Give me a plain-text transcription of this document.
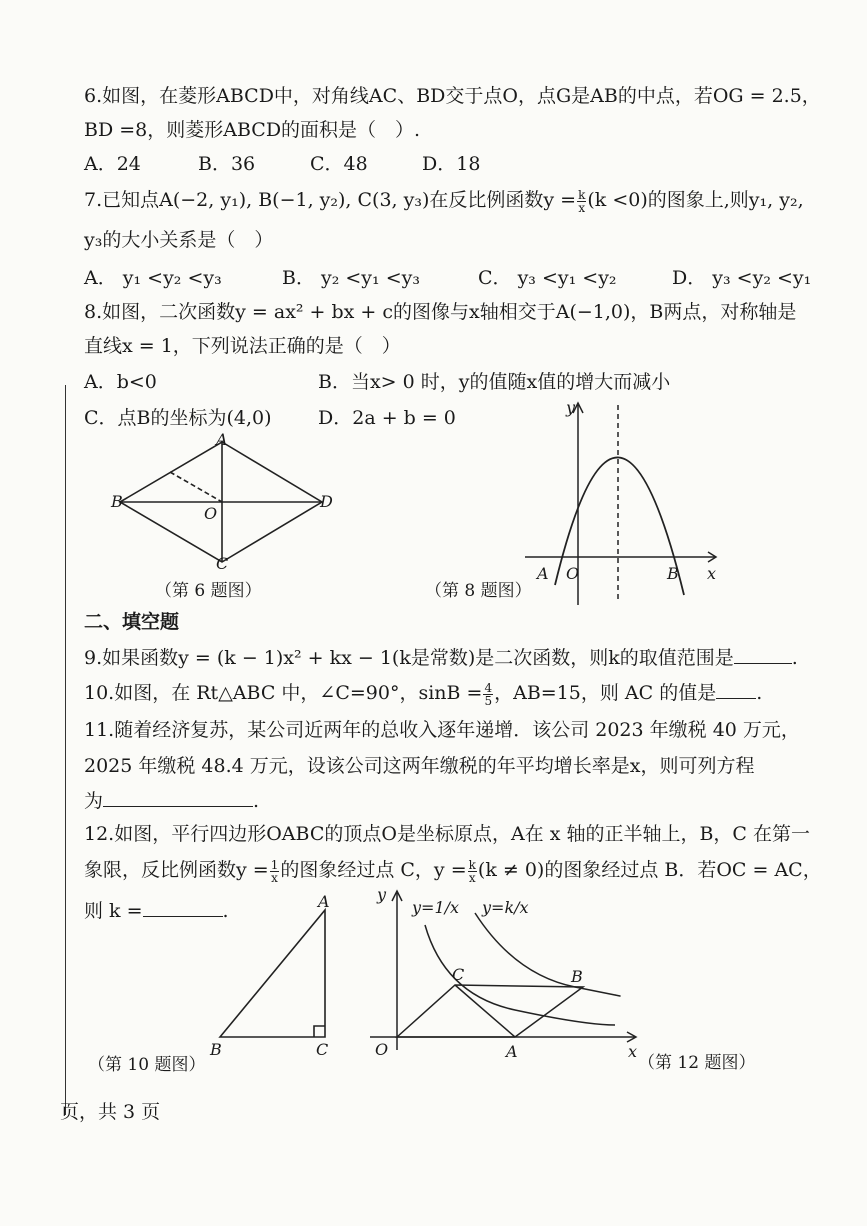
6.如图，在菱形ABCD中，对角线AC、BD交于点O，点G是AB的中点，若OG = 2.5，
BD =8，则菱形ABCD的面积是（　）.
A．24	B．36	C．48	D．18
7.已知点A(−2, y₁), B(−1, y₂), C(3, y₃)在反比例函数$y = \frac{k}{x} (k <0)$的图象上,则y₁, y₂,
y₃的大小关系是（　）
A． y₁ <y₂ <y₃	B． y₂ <y₁ <y₃	C． y₃ <y₁ <y₂	D． y₃ <y₂ <y₁
8.如图，二次函数y = ax² + bx + c的图像与x轴相交于A(−1,0)，B两点，对称轴是
直线x = 1，下列说法正确的是（　）
A．b<0	B．当x> 0 时，y的值随x值的增大而减小
C．点B的坐标为(4,0) D．2a + b = 0
A
B	D
C
O
（第 6 题图）
y
x
A O	B
（第 8 题图）
二、填空题
9.如果函数y = (k − 1)x² + kx − 1(k是常数)是二次函数，则k的取值范围是	.
10.如图，在 Rt△ABC 中，∠C=90°，$\sin B = \frac{4}{5}$ ，AB=15，则 AC 的值是 .
11.随着经济复苏，某公司近两年的总收入逐年递增．该公司 2023 年缴税 40 万元，
2025 年缴税 48.4 万元，设该公司这两年缴税的年平均增长率是x，则可列方程
为	.
12.如图，平行四边形OABC的顶点O是坐标原点，A在 x 轴的正半轴上，B，C 在第一
象限，反比例函数$y = \frac{1}{x}$ 的图象经过点 C，$y = \frac{k}{x} (k \ne 0)$的图象经过点 B．若OC = AC，
则 k =	.	A
B	C
（第 10 题图）
y
x
O	A
C	B
y=1/x y=k/x
（第 12 题图）
页，共 3 页
